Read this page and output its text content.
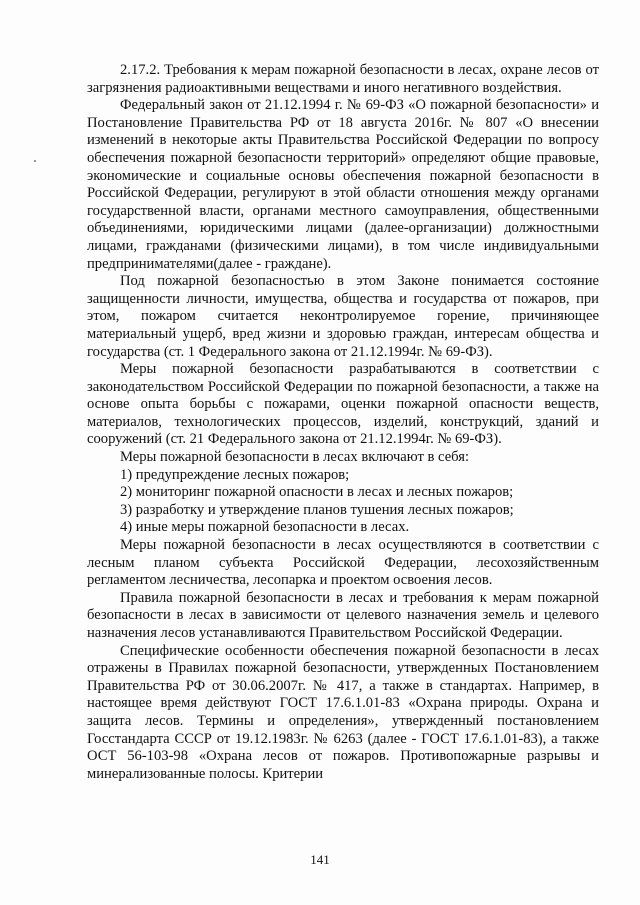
2.17.2. Требования к мерам пожарной безопасности в лесах, охране лесов от загрязнения радиоактивными веществами и иного негативного воздействия.

Федеральный закон от 21.12.1994 г. № 69-ФЗ «О пожарной безопасности» и Постановление Правительства РФ от 18 августа 2016г. № 807 «О внесении изменений в некоторые акты Правительства Российской Федерации по вопросу обеспечения пожарной безопасности территорий» определяют общие правовые, экономические и социальные основы обеспечения пожарной безопасности в Российской Федерации, регулируют в этой области отношения между органами государственной власти, органами местного самоуправления, общественными объединениями, юридическими лицами (далее-организации) должностными лицами, гражданами (физическими лицами), в том числе индивидуальными предпринимателями(далее - граждане).

Под пожарной безопасностью в этом Законе понимается состояние защищенности личности, имущества, общества и государства от пожаров, при этом, пожаром считается неконтролируемое горение, причиняющее материальный ущерб, вред жизни и здоровью граждан, интересам общества и государства (ст. 1 Федерального закона от 21.12.1994г. № 69-ФЗ).

Меры пожарной безопасности разрабатываются в соответствии с законодательством Российской Федерации по пожарной безопасности, а также на основе опыта борьбы с пожарами, оценки пожарной опасности веществ, материалов, технологических процессов, изделий, конструкций, зданий и сооружений (ст. 21 Федерального закона от 21.12.1994г. № 69-ФЗ).

Меры пожарной безопасности в лесах включают в себя:

1) предупреждение лесных пожаров;

2) мониторинг пожарной опасности в лесах и лесных пожаров;

3) разработку и утверждение планов тушения лесных пожаров;

4) иные меры пожарной безопасности в лесах.

Меры пожарной безопасности в лесах осуществляются в соответствии с лесным планом субъекта Российской Федерации, лесохозяйственным регламентом лесничества, лесопарка и проектом освоения лесов.

Правила пожарной безопасности в лесах и требования к мерам пожарной безопасности в лесах в зависимости от целевого назначения земель и целевого назначения лесов устанавливаются Правительством Российской Федерации.

Специфические особенности обеспечения пожарной безопасности в лесах отражены в Правилах пожарной безопасности, утвержденных Постановлением Правительства РФ от 30.06.2007г. № 417, а также в стандартах. Например, в настоящее время действуют ГОСТ 17.6.1.01-83 «Охрана природы. Охрана и защита лесов. Термины и определения», утвержденный постановлением Госстандарта СССР от 19.12.1983г. № 6263 (далее - ГОСТ 17.6.1.01-83), а также ОСТ 56-103-98 «Охрана лесов от пожаров. Противопожарные разрывы и минерализованные полосы. Критерии

141
